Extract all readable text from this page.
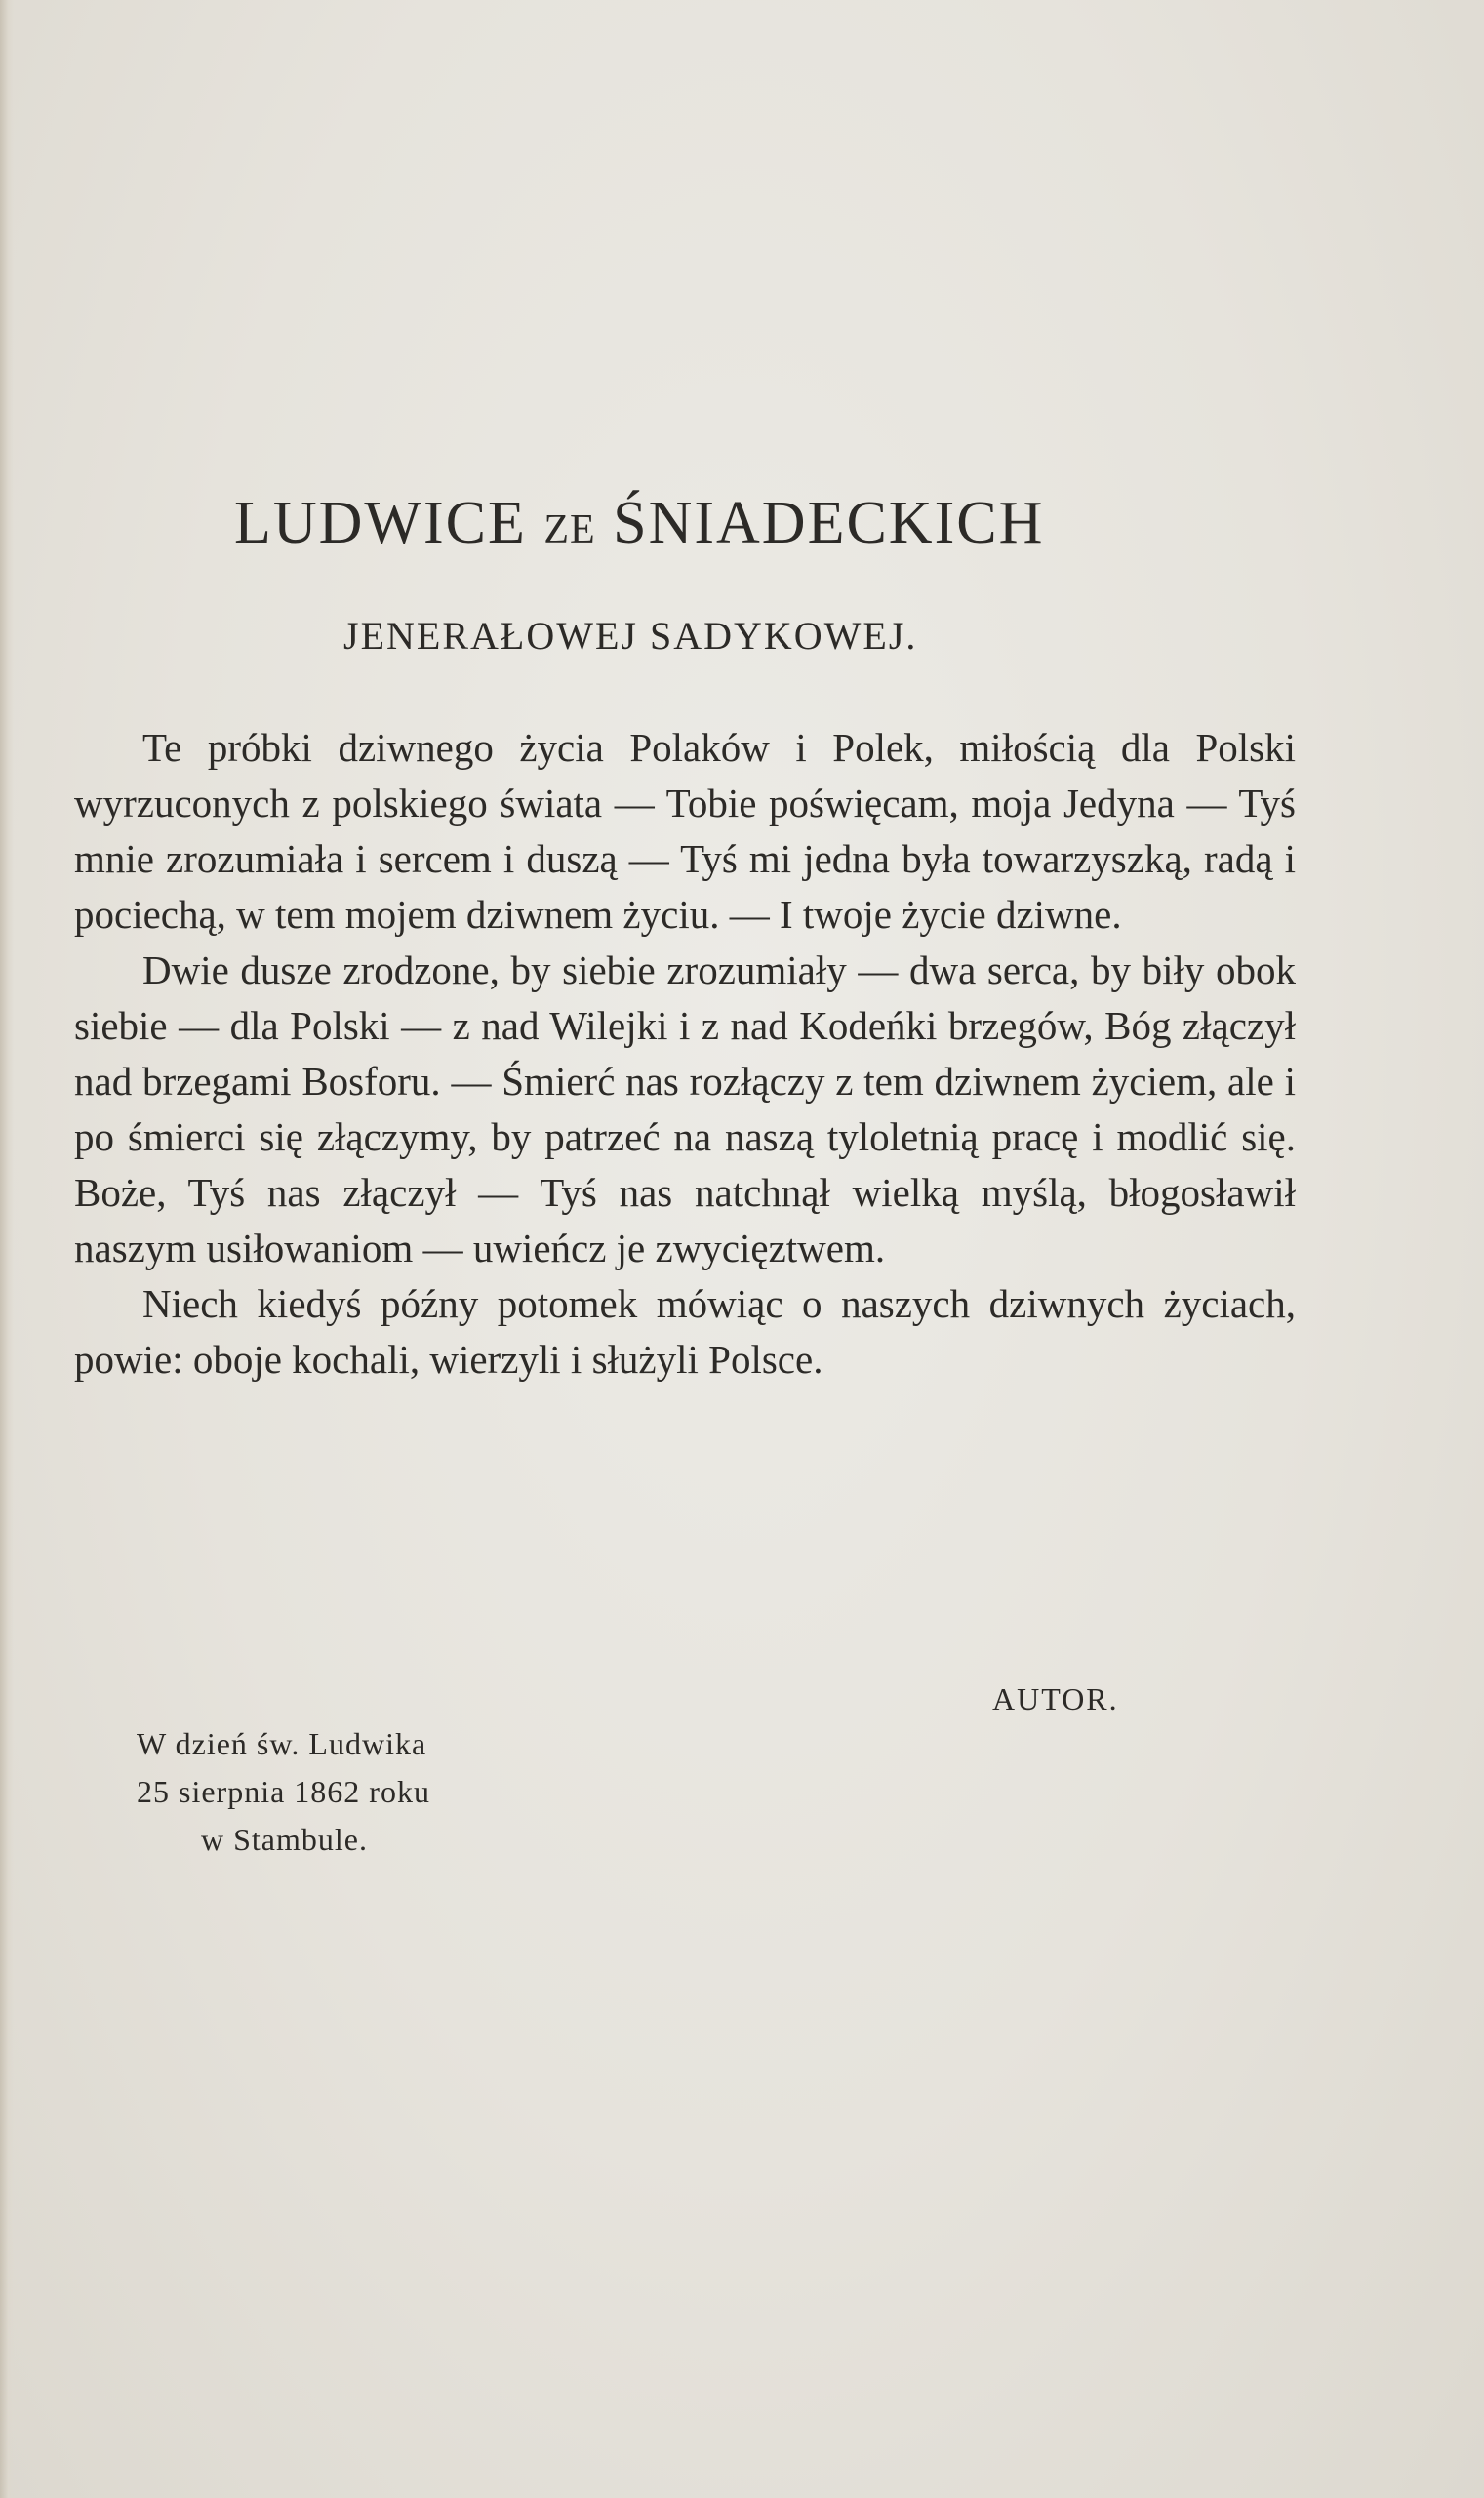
LUDWICE ZE ŚNIADECKICH
JENERAŁOWEJ SADYKOWEJ.

Te próbki dziwnego życia Polaków i Polek, miłością dla Polski wyrzuconych z polskiego świata — Tobie poświęcam, moja Jedyna — Tyś mnie zrozumiała i sercem i duszą — Tyś mi jedna była towarzyszką, radą i pociechą, w tem mojem dziwnem życiu. — I twoje życie dziwne.

Dwie dusze zrodzone, by siebie zrozumiały — dwa serca, by biły obok siebie — dla Polski — z nad Wilejki i z nad Kodeńki brzegów, Bóg złączył nad brzegami Bosforu. — Śmierć nas rozłączy z tem dziwnem życiem, ale i po śmierci się złączymy, by patrzeć na naszą tyloletnią pracę i modlić się. Boże, Tyś nas złączył — Tyś nas natchnął wielką myślą, błogosławił naszym usiłowaniom — uwieńcz je zwycięztwem.

Niech kiedyś późny potomek mówiąc o naszych dziwnych życiach, powie: oboje kochali, wierzyli i służyli Polsce.

AUTOR.
W dzień św. Ludwika
25 sierpnia 1862 roku
w Stambule.
